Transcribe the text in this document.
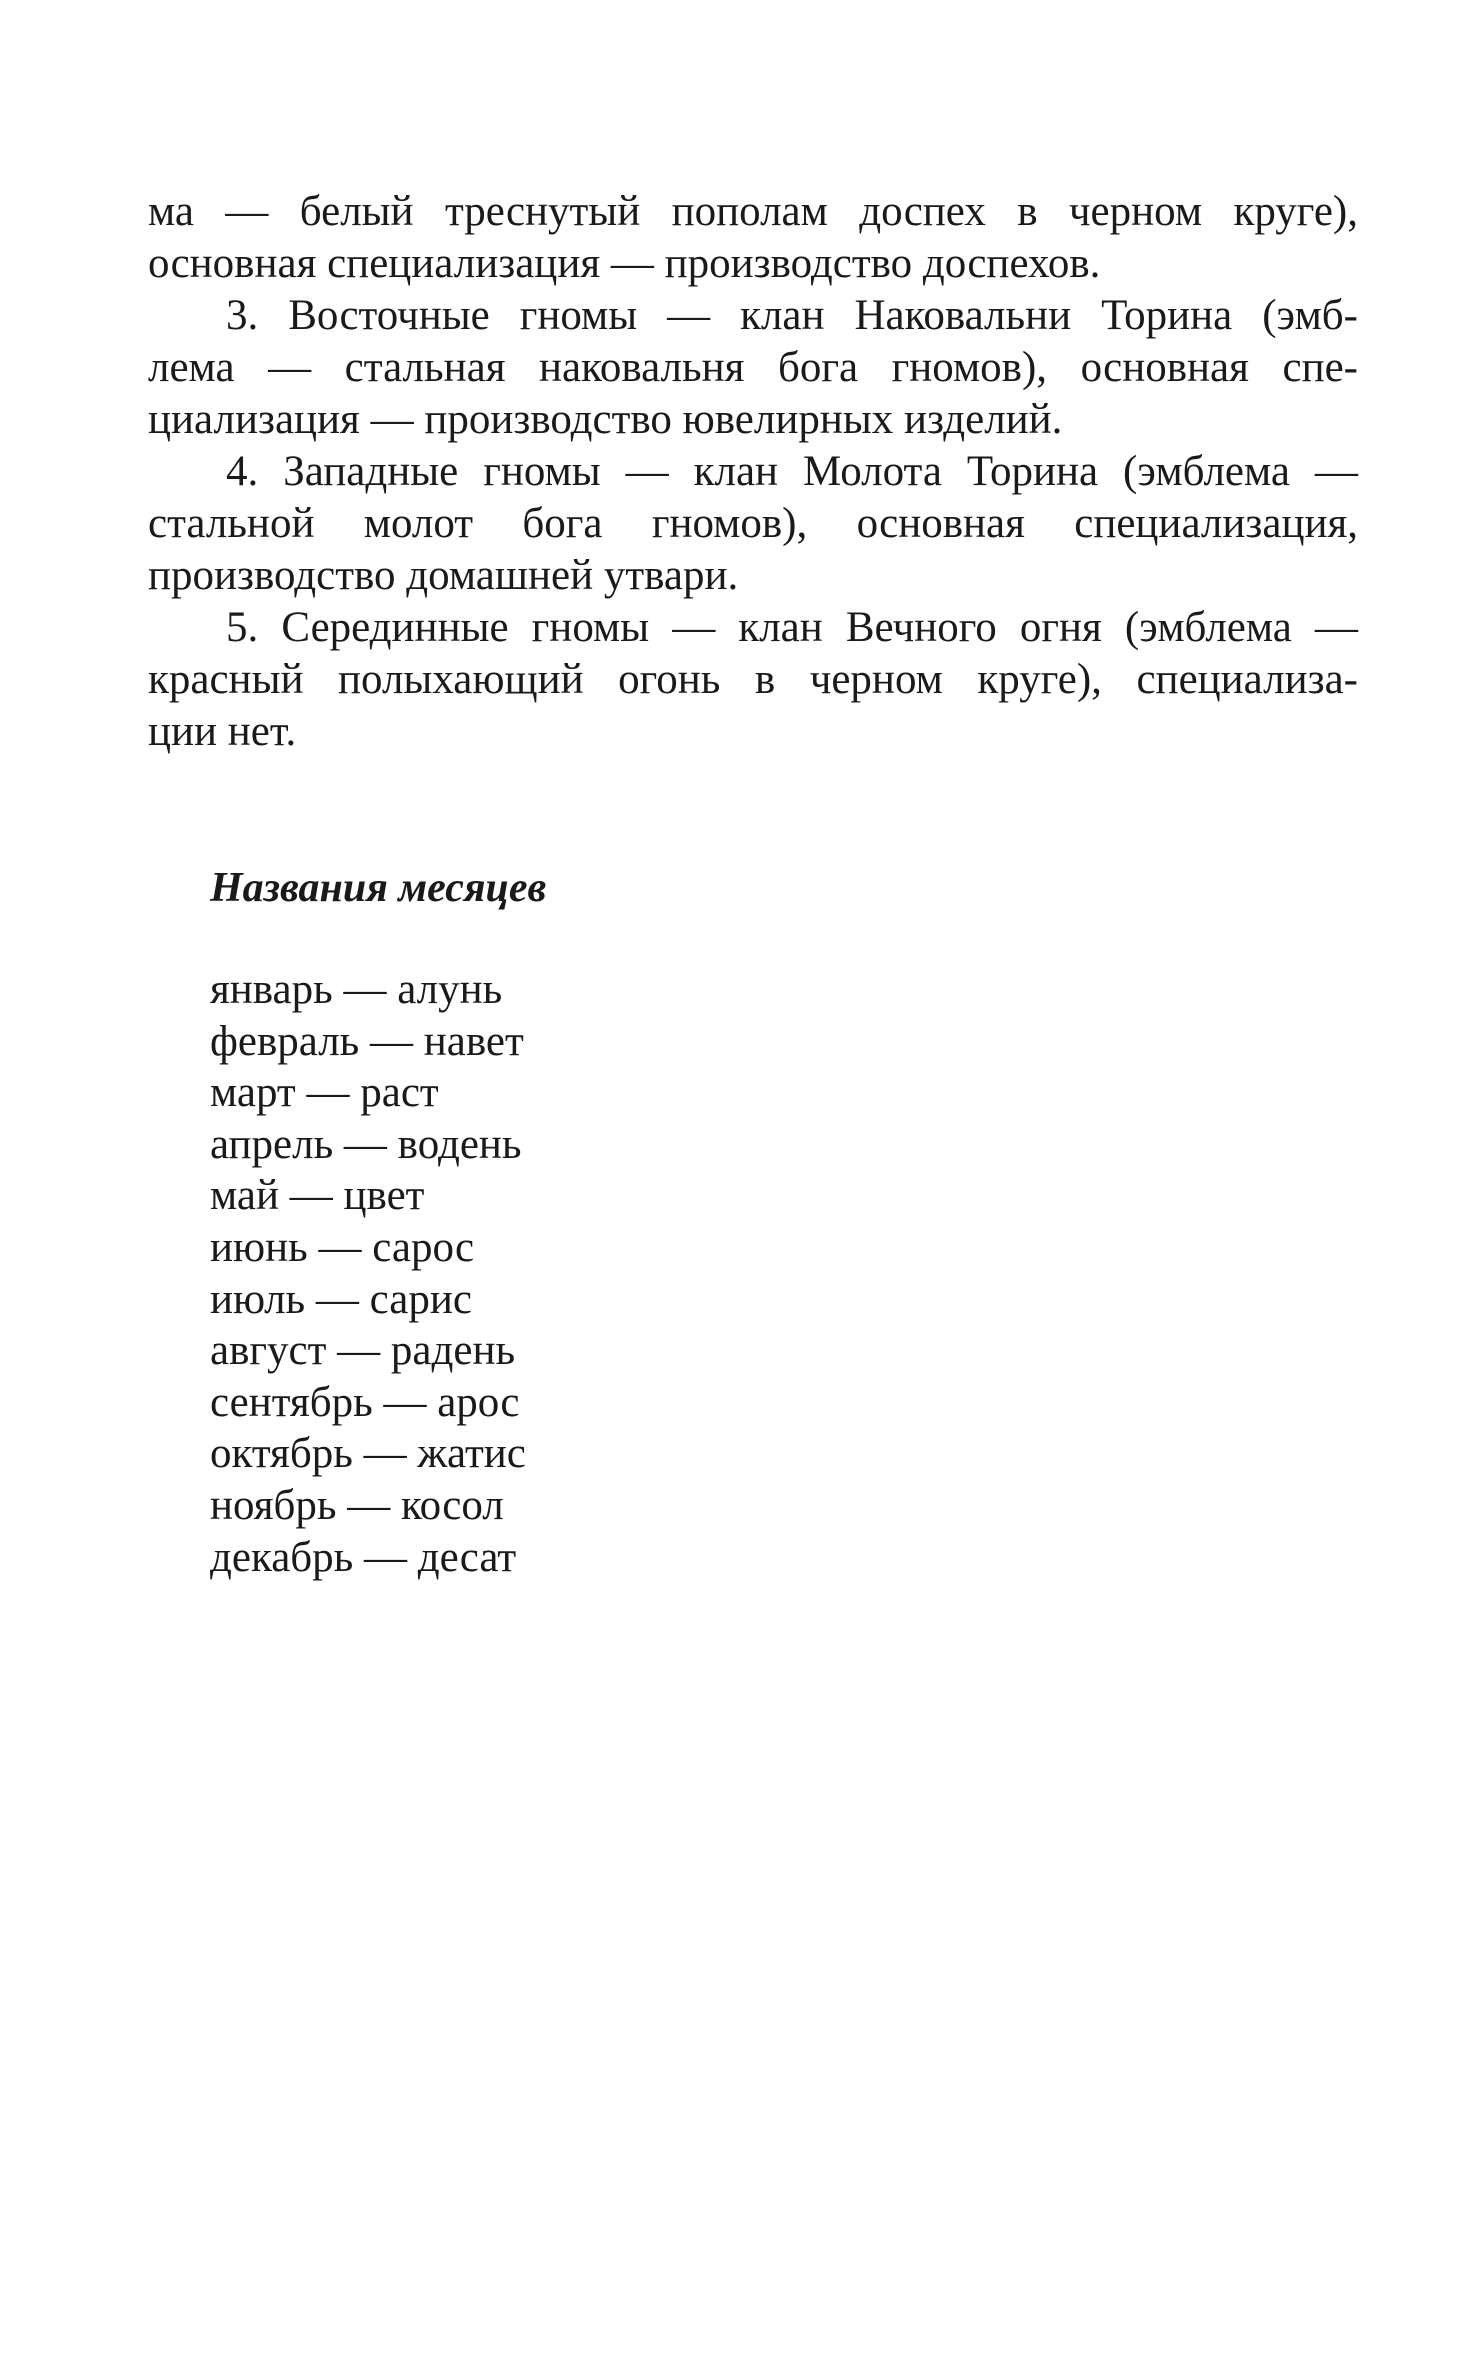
ма — белый треснутый пополам доспех в черном круге),
основная специализация — производство доспехов.

3. Восточные гномы — клан Наковальни Торина (эмб-
лема — стальная наковальня бога гномов), основная спе-
циализация — производство ювелирных изделий.

4. Западные гномы — клан Молота Торина (эмблема —
стальной молот бога гномов), основная специализация,
производство домашней утвари.

5. Серединные гномы — клан Вечного огня (эмблема —
красный полыхающий огонь в черном круге), специализа-
ции нет.

Названия месяцев
январь — алунь
февраль — навет
март — раст
апрель — водень
май — цвет
июнь — сарос
июль — сарис
август — радень
сентябрь — арос
октябрь — жатис
ноябрь — косол
декабрь — десат
